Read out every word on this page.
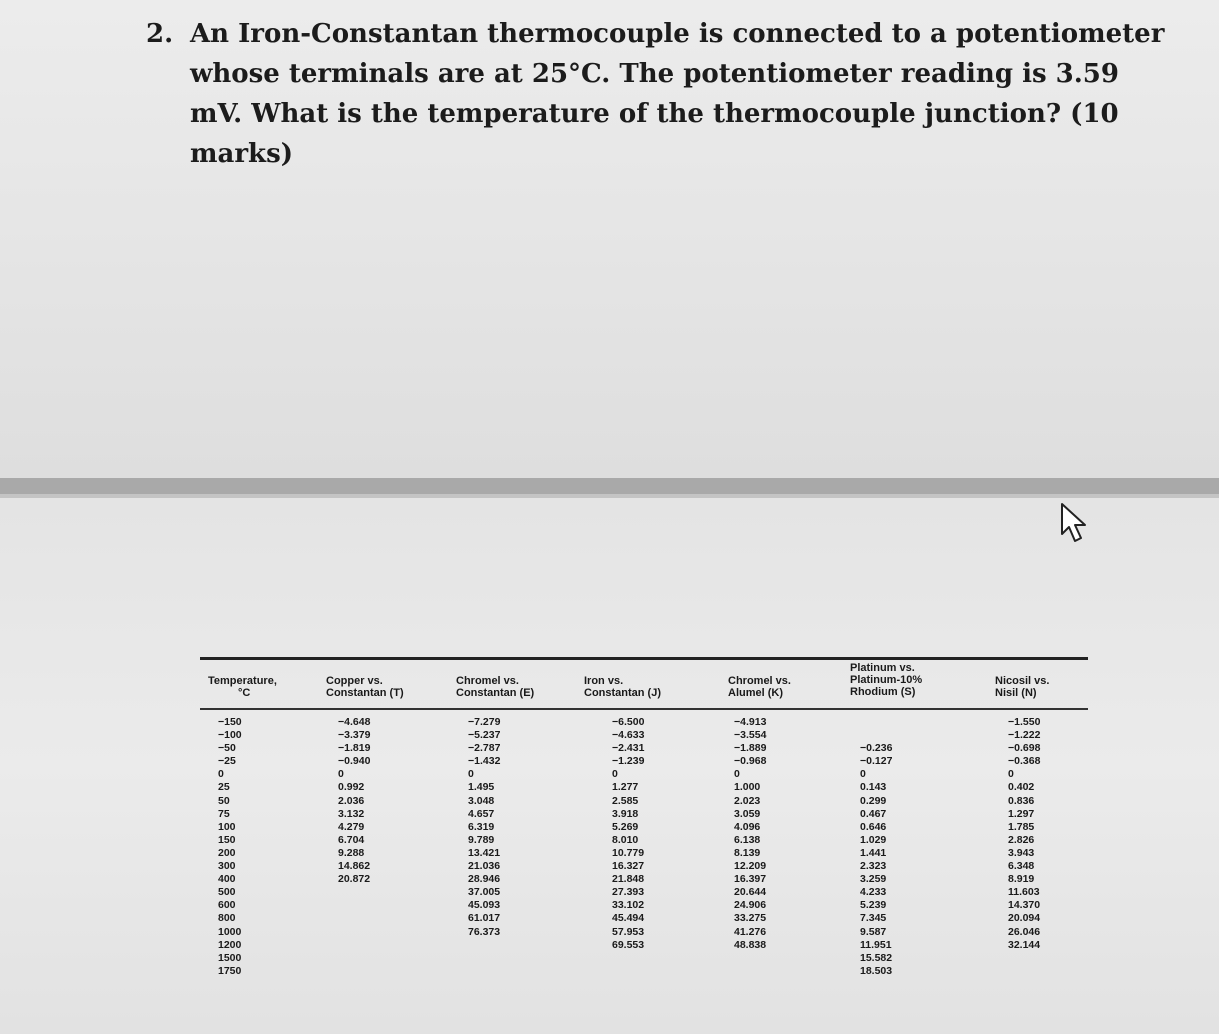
2. An Iron-Constantan thermocouple is connected to a potentiometer whose terminals are at 25°C. The potentiometer reading is 3.59 mV. What is the temperature of the thermocouple junction? (10 marks)
Temperature,
°C
Copper vs.
Constantan (T)
Chromel vs.
Constantan (E)
Iron vs.
Constantan (J)
Chromel vs.
Alumel (K)
Platinum vs.
Platinum-10%
Rhodium (S)
Nicosil vs.
Nisil (N)
−150
−100
−50
−25
0
25
50
75
100
150
200
300
400
500
600
800
1000
1200
1500
1750
−4.648
−3.379
−1.819
−0.940
0
0.992
2.036
3.132
4.279
6.704
9.288
14.862
20.872
−7.279
−5.237
−2.787
−1.432
0
1.495
3.048
4.657
6.319
9.789
13.421
21.036
28.946
37.005
45.093
61.017
76.373
−6.500
−4.633
−2.431
−1.239
0
1.277
2.585
3.918
5.269
8.010
10.779
16.327
21.848
27.393
33.102
45.494
57.953
69.553
−4.913
−3.554
−1.889
−0.968
0
1.000
2.023
3.059
4.096
6.138
8.139
12.209
16.397
20.644
24.906
33.275
41.276
48.838
−0.236
−0.127
0
0.143
0.299
0.467
0.646
1.029
1.441
2.323
3.259
4.233
5.239
7.345
9.587
11.951
15.582
18.503
−1.550
−1.222
−0.698
−0.368
0
0.402
0.836
1.297
1.785
2.826
3.943
6.348
8.919
11.603
14.370
20.094
26.046
32.144
